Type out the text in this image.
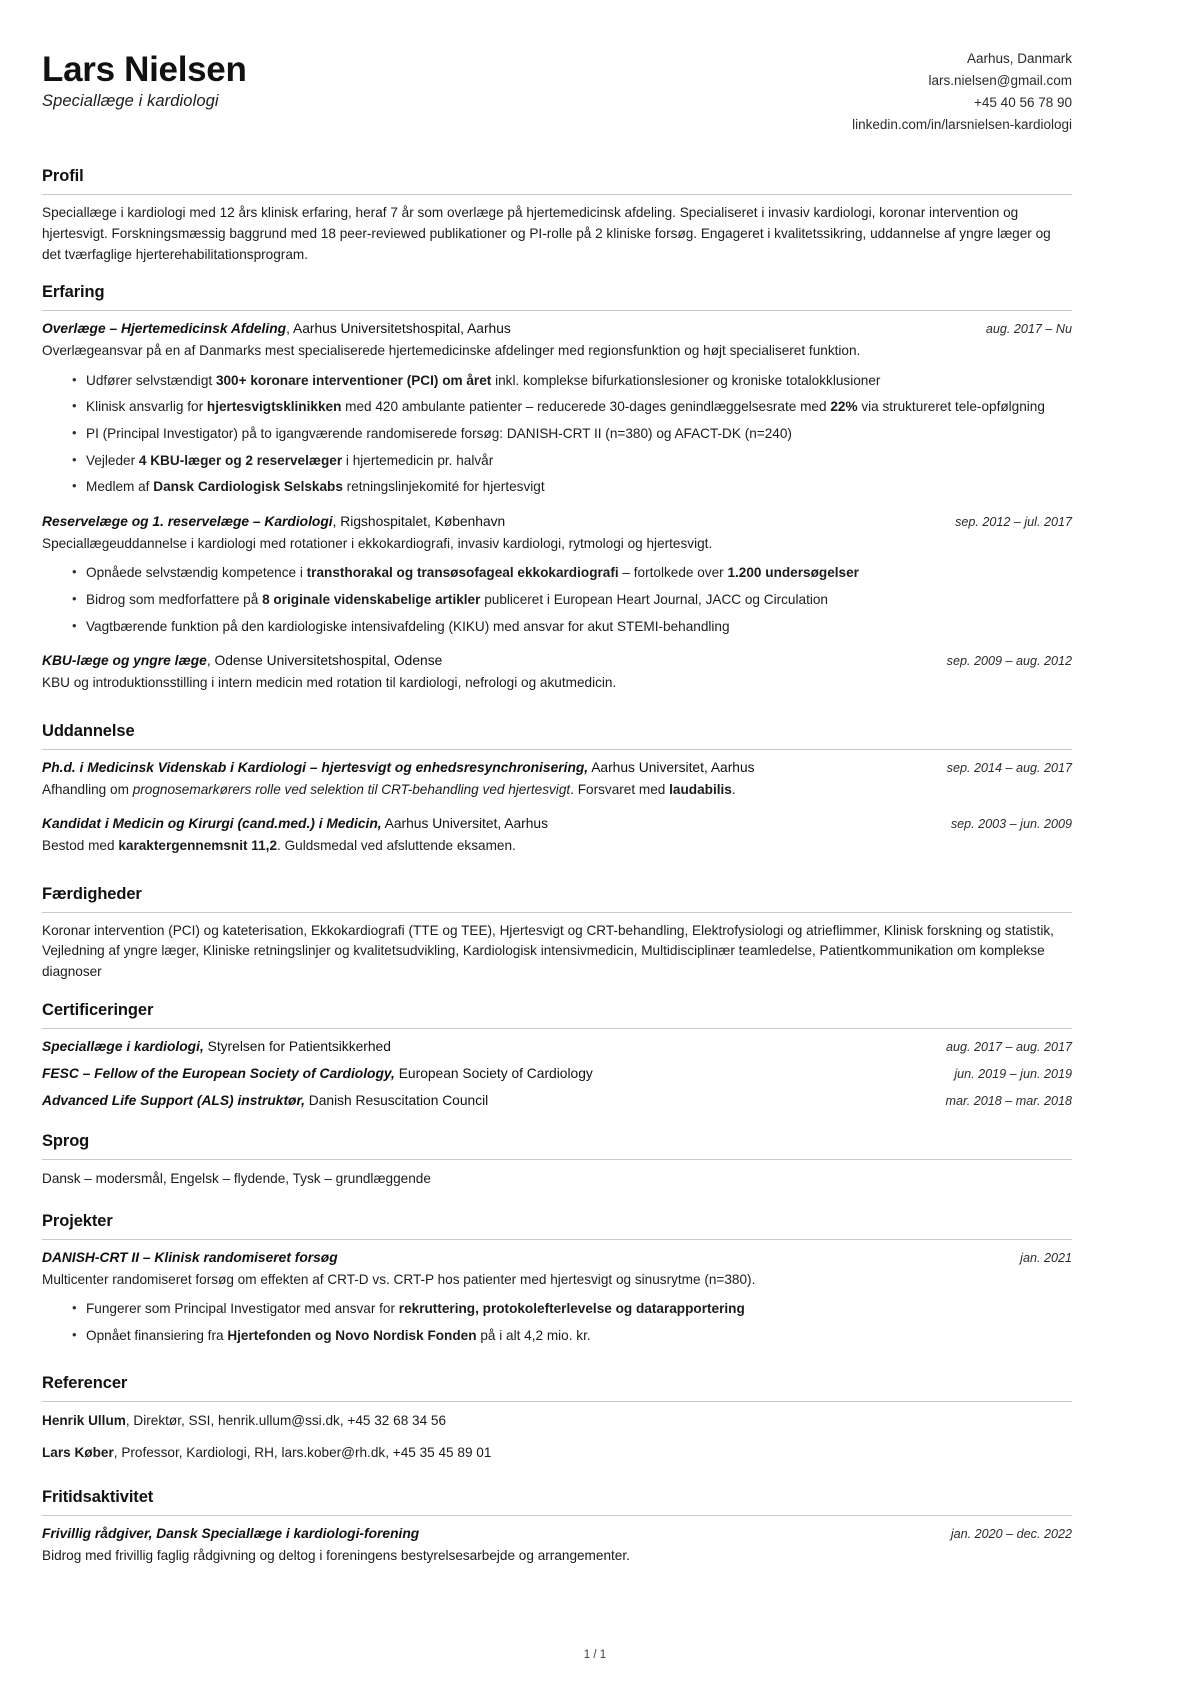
Lars Nielsen

Speciallæge i kardiologi

Aarhus, Danmark
lars.nielsen@gmail.com
+45 40 56 78 90
linkedin.com/in/larsnielsen-kardiologi
Profil

Speciallæge i kardiologi med 12 års klinisk erfaring, heraf 7 år som overlæge på hjertemedicinsk afdeling. Specialiseret i invasiv kardiologi, koronar intervention og hjertesvigt. Forskningsmæssig baggrund med 18 peer-reviewed publikationer og PI-rolle på 2 kliniske forsøg. Engageret i kvalitetssikring, uddannelse af yngre læger og det tværfaglige hjerterehabilitationsprogram.

Erfaring
Overlæge – Hjertemedicinsk Afdeling, Aarhus Universitetshospital, Aarhus	aug. 2017 – Nu
Overlægeansvar på en af Danmarks mest specialiserede hjertemedicinske afdelinger med regionsfunktion og højt specialiseret funktion.
• Udfører selvstændigt 300+ koronare interventioner (PCI) om året inkl. komplekse bifurkationslesioner og kroniske totalokklusioner
• Klinisk ansvarlig for hjertesvigtsklinikken med 420 ambulante patienter – reducerede 30-dages genindlæggelsesrate med 22% via struktureret tele-opfølgning
• PI (Principal Investigator) på to igangværende randomiserede forsøg: DANISH-CRT II (n=380) og AFACT-DK (n=240)
• Vejleder 4 KBU-læger og 2 reservelæger i hjertemedicin pr. halvår
• Medlem af Dansk Cardiologisk Selskabs retningslinjekomité for hjertesvigt
Reservelæge og 1. reservelæge – Kardiologi, Rigshospitalet, København	sep. 2012 – jul. 2017
Speciallægeuddannelse i kardiologi med rotationer i ekkokardiografi, invasiv kardiologi, rytmologi og hjertesvigt.
• Opnåede selvstændig kompetence i transthorakal og transøsofageal ekkokardiografi – fortolkede over 1.200 undersøgelser
• Bidrog som medforfattere på 8 originale videnskabelige artikler publiceret i European Heart Journal, JACC og Circulation
• Vagtbærende funktion på den kardiologiske intensivafdeling (KIKU) med ansvar for akut STEMI-behandling
KBU-læge og yngre læge, Odense Universitetshospital, Odense	sep. 2009 – aug. 2012
KBU og introduktionsstilling i intern medicin med rotation til kardiologi, nefrologi og akutmedicin.
Uddannelse
Ph.d. i Medicinsk Videnskab i Kardiologi – hjertesvigt og enhedsresynchronisering, Aarhus Universitet, Aarhus	sep. 2014 – aug. 2017
Afhandling om prognosemarkørers rolle ved selektion til CRT-behandling ved hjertesvigt. Forsvaret med laudabilis.
Kandidat i Medicin og Kirurgi (cand.med.) i Medicin, Aarhus Universitet, Aarhus	sep. 2003 – jun. 2009
Bestod med karaktergennemsnit 11,2. Guldsmedal ved afsluttende eksamen.
Færdigheder

Koronar intervention (PCI) og kateterisation, Ekkokardiografi (TTE og TEE), Hjertesvigt og CRT-behandling, Elektrofysiologi og atrieflimmer, Klinisk forskning og statistik, Vejledning af yngre læger, Kliniske retningslinjer og kvalitetsudvikling, Kardiologisk intensivmedicin, Multidisciplinær teamledelse, Patientkommunikation om komplekse diagnoser

Certificeringer
Speciallæge i kardiologi, Styrelsen for Patientsikkerhed	aug. 2017 – aug. 2017
FESC – Fellow of the European Society of Cardiology, European Society of Cardiology	jun. 2019 – jun. 2019
Advanced Life Support (ALS) instruktør, Danish Resuscitation Council	mar. 2018 – mar. 2018
Sprog

Dansk – modersmål, Engelsk – flydende, Tysk – grundlæggende

Projekter
DANISH-CRT II – Klinisk randomiseret forsøg	jan. 2021
Multicenter randomiseret forsøg om effekten af CRT-D vs. CRT-P hos patienter med hjertesvigt og sinusrytme (n=380).
• Fungerer som Principal Investigator med ansvar for rekruttering, protokolefterlevelse og datarapportering
• Opnået finansiering fra Hjertefonden og Novo Nordisk Fonden på i alt 4,2 mio. kr.
Referencer
Henrik Ullum, Direktør, SSI, henrik.ullum@ssi.dk, +45 32 68 34 56
Lars Køber, Professor, Kardiologi, RH, lars.kober@rh.dk, +45 35 45 89 01
Fritidsaktivitet
Frivillig rådgiver, Dansk Speciallæge i kardiologi-forening	jan. 2020 – dec. 2022
Bidrog med frivillig faglig rådgivning og deltog i foreningens bestyrelsesarbejde og arrangementer.
1 / 1
